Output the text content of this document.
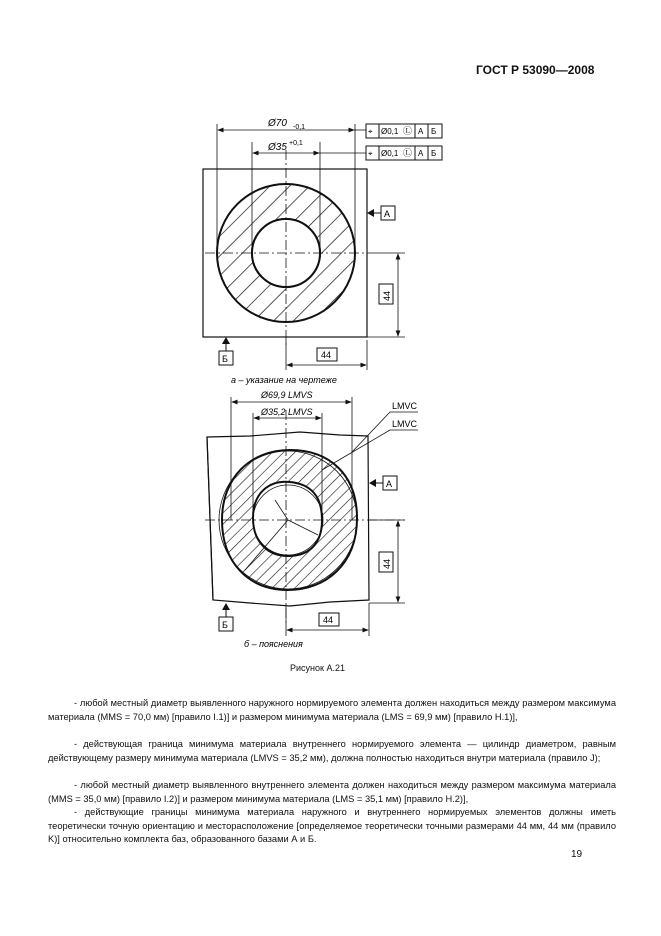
ГОСТ Р 53090—2008
Ø70 -0,1
Ø35 +0,1
⌖ Ø0,1 Ⓛ А Б
⌖ Ø0,1 Ⓛ А Б
А
Б
44
44
а – указание на чертеже
Ø69,9 LMVS
Ø35,2 LMVS
LMVC
LMVC
А
Б
44
44
б – пояснения
Рисунок А.21
- любой местный диаметр выявленного наружного нормируемого элемента должен находиться между размером максимума материала (MMS = 70,0 мм) [правило I.1)] и размером минимума материала (LMS = 69,9 мм) [правило H.1)],
- действующая граница минимума материала внутреннего нормируемого элемента — цилиндр диаметром, равным действующему размеру минимума материала (LMVS = 35,2 мм), должна полностью находиться внутри материала (правило J);
- любой местный диаметр выявленного внутреннего элемента должен находиться между размером максимума материала (MMS = 35,0 мм) [правило I.2)] и размером минимума материала (LMS = 35,1 мм) [правило H.2)],
- действующие границы минимума материала наружного и внутреннего нормируемых элементов должны иметь теоретически точную ориентацию и месторасположение [определяемое теоретически точными размерами 44 мм, 44 мм (правило K)] относительно комплекта баз, образованного базами А и Б.
19
